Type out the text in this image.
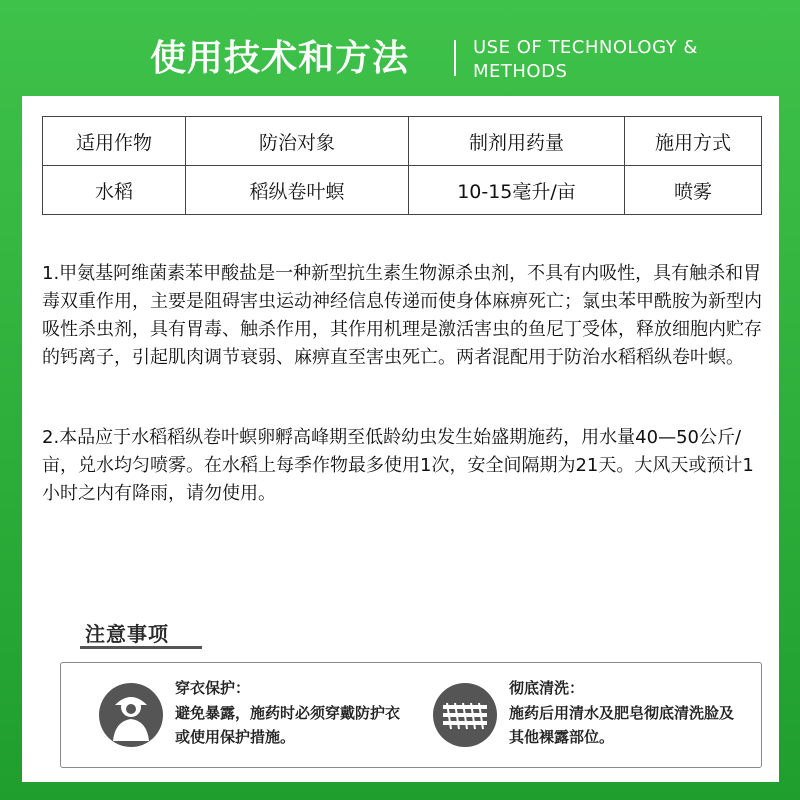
使用技术和方法	USE OF TECHNOLOGY &
METHODS
适用作物	防治对象	制剂用药量	施用方式
水稻	稻纵卷叶螟	10-15毫升/亩	喷雾

1.甲氨基阿维菌素苯甲酸盐是一种新型抗生素生物源杀虫剂，不具有内吸性，具有触杀和胃毒双重作用，主要是阻碍害虫运动神经信息传递而使身体麻痹死亡；氯虫苯甲酰胺为新型内吸性杀虫剂，具有胃毒、触杀作用，其作用机理是激活害虫的鱼尼丁受体，释放细胞内贮存的钙离子，引起肌肉调节衰弱、麻痹直至害虫死亡。两者混配用于防治水稻稻纵卷叶螟。

2.本品应于水稻稻纵卷叶螟卵孵高峰期至低龄幼虫发生始盛期施药，用水量40—50公斤/亩，兑水均匀喷雾。在水稻上每季作物最多使用1次，安全间隔期为21天。大风天或预计1小时之内有降雨，请勿使用。

注意事项
穿衣保护：
避免暴露，施药时必须穿戴防护衣或使用保护措施。
彻底清洗：
施药后用清水及肥皂彻底清洗脸及其他裸露部位。
